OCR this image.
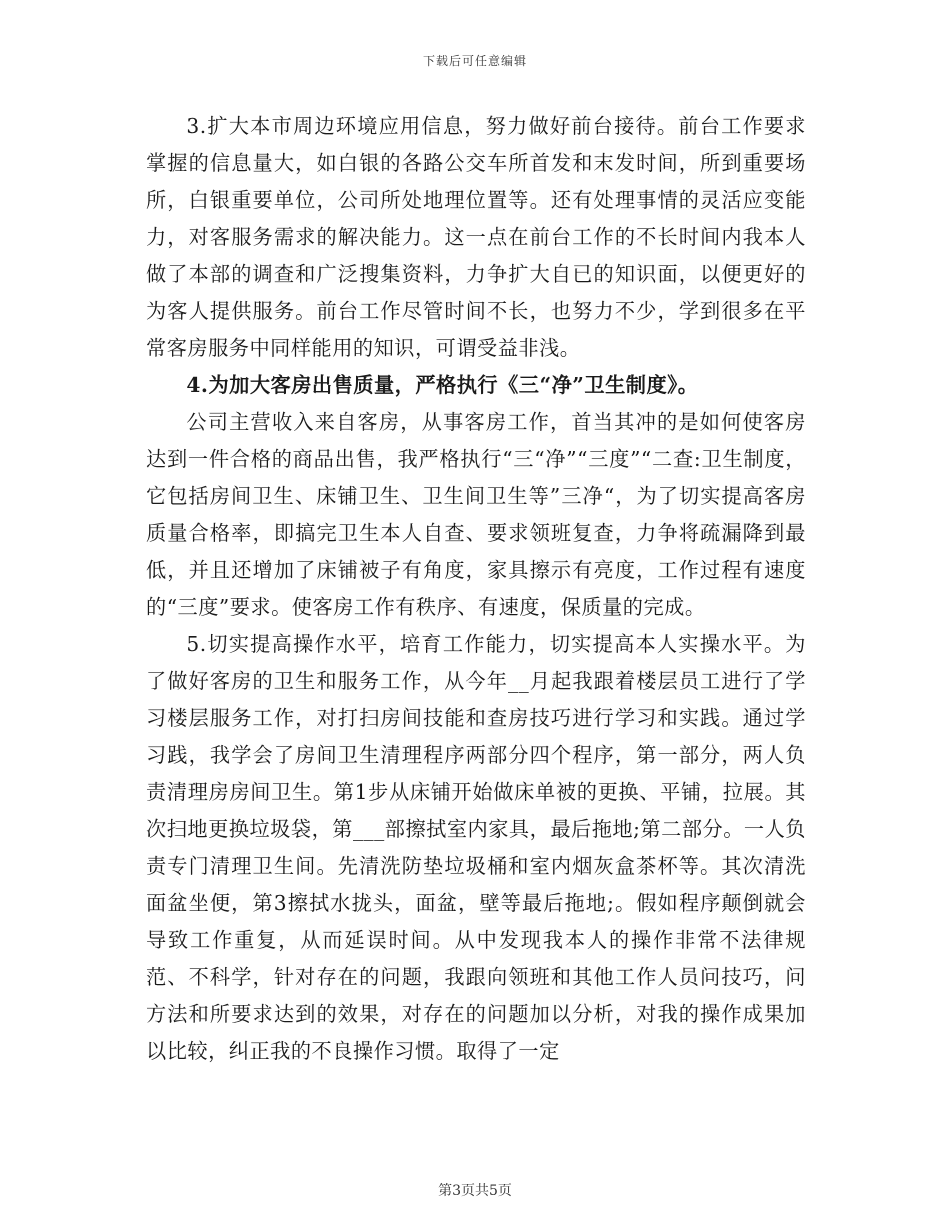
下载后可任意编辑

3.扩大本市周边环境应用信息，努力做好前台接待。前台工作要求掌握的信息量大，如白银的各路公交车所首发和末发时间，所到重要场所，白银重要单位，公司所处地理位置等。还有处理事情的灵活应变能力，对客服务需求的解决能力。这一点在前台工作的不长时间内我本人做了本部的调查和广泛搜集资料，力争扩大自已的知识面，以便更好的为客人提供服务。前台工作尽管时间不长，也努力不少，学到很多在平常客房服务中同样能用的知识，可谓受益非浅。

4.为加大客房出售质量，严格执行《三“净”卫生制度》。

公司主营收入来自客房，从事客房工作，首当其冲的是如何使客房达到一件合格的商品出售，我严格执行“三“净”“三度”“二查:卫生制度，它包括房间卫生、床铺卫生、卫生间卫生等”三净“，为了切实提高客房质量合格率，即搞完卫生本人自查、要求领班复查，力争将疏漏降到最低，并且还增加了床铺被子有角度，家具擦示有亮度，工作过程有速度的“三度”要求。使客房工作有秩序、有速度，保质量的完成。

5.切实提高操作水平，培育工作能力，切实提高本人实操水平。为了做好客房的卫生和服务工作，从今年__月起我跟着楼层员工进行了学习楼层服务工作，对打扫房间技能和查房技巧进行学习和实践。通过学习践，我学会了房间卫生清理程序两部分四个程序，第一部分，两人负责清理房房间卫生。第1步从床铺开始做床单被的更换、平铺，拉展。其次扫地更换垃圾袋，第___部擦拭室内家具，最后拖地;第二部分。一人负责专门清理卫生间。先清洗防垫垃圾桶和室内烟灰盒茶杯等。其次清洗面盆坐便，第3擦拭水拢头，面盆，壁等最后拖地;。假如程序颠倒就会导致工作重复，从而延误时间。从中发现我本人的操作非常不法律规范、不科学，针对存在的问题，我跟向领班和其他工作人员问技巧，问方法和所要求达到的效果，对存在的问题加以分析，对我的操作成果加以比较，纠正我的不良操作习惯。取得了一定

第3页共5页
